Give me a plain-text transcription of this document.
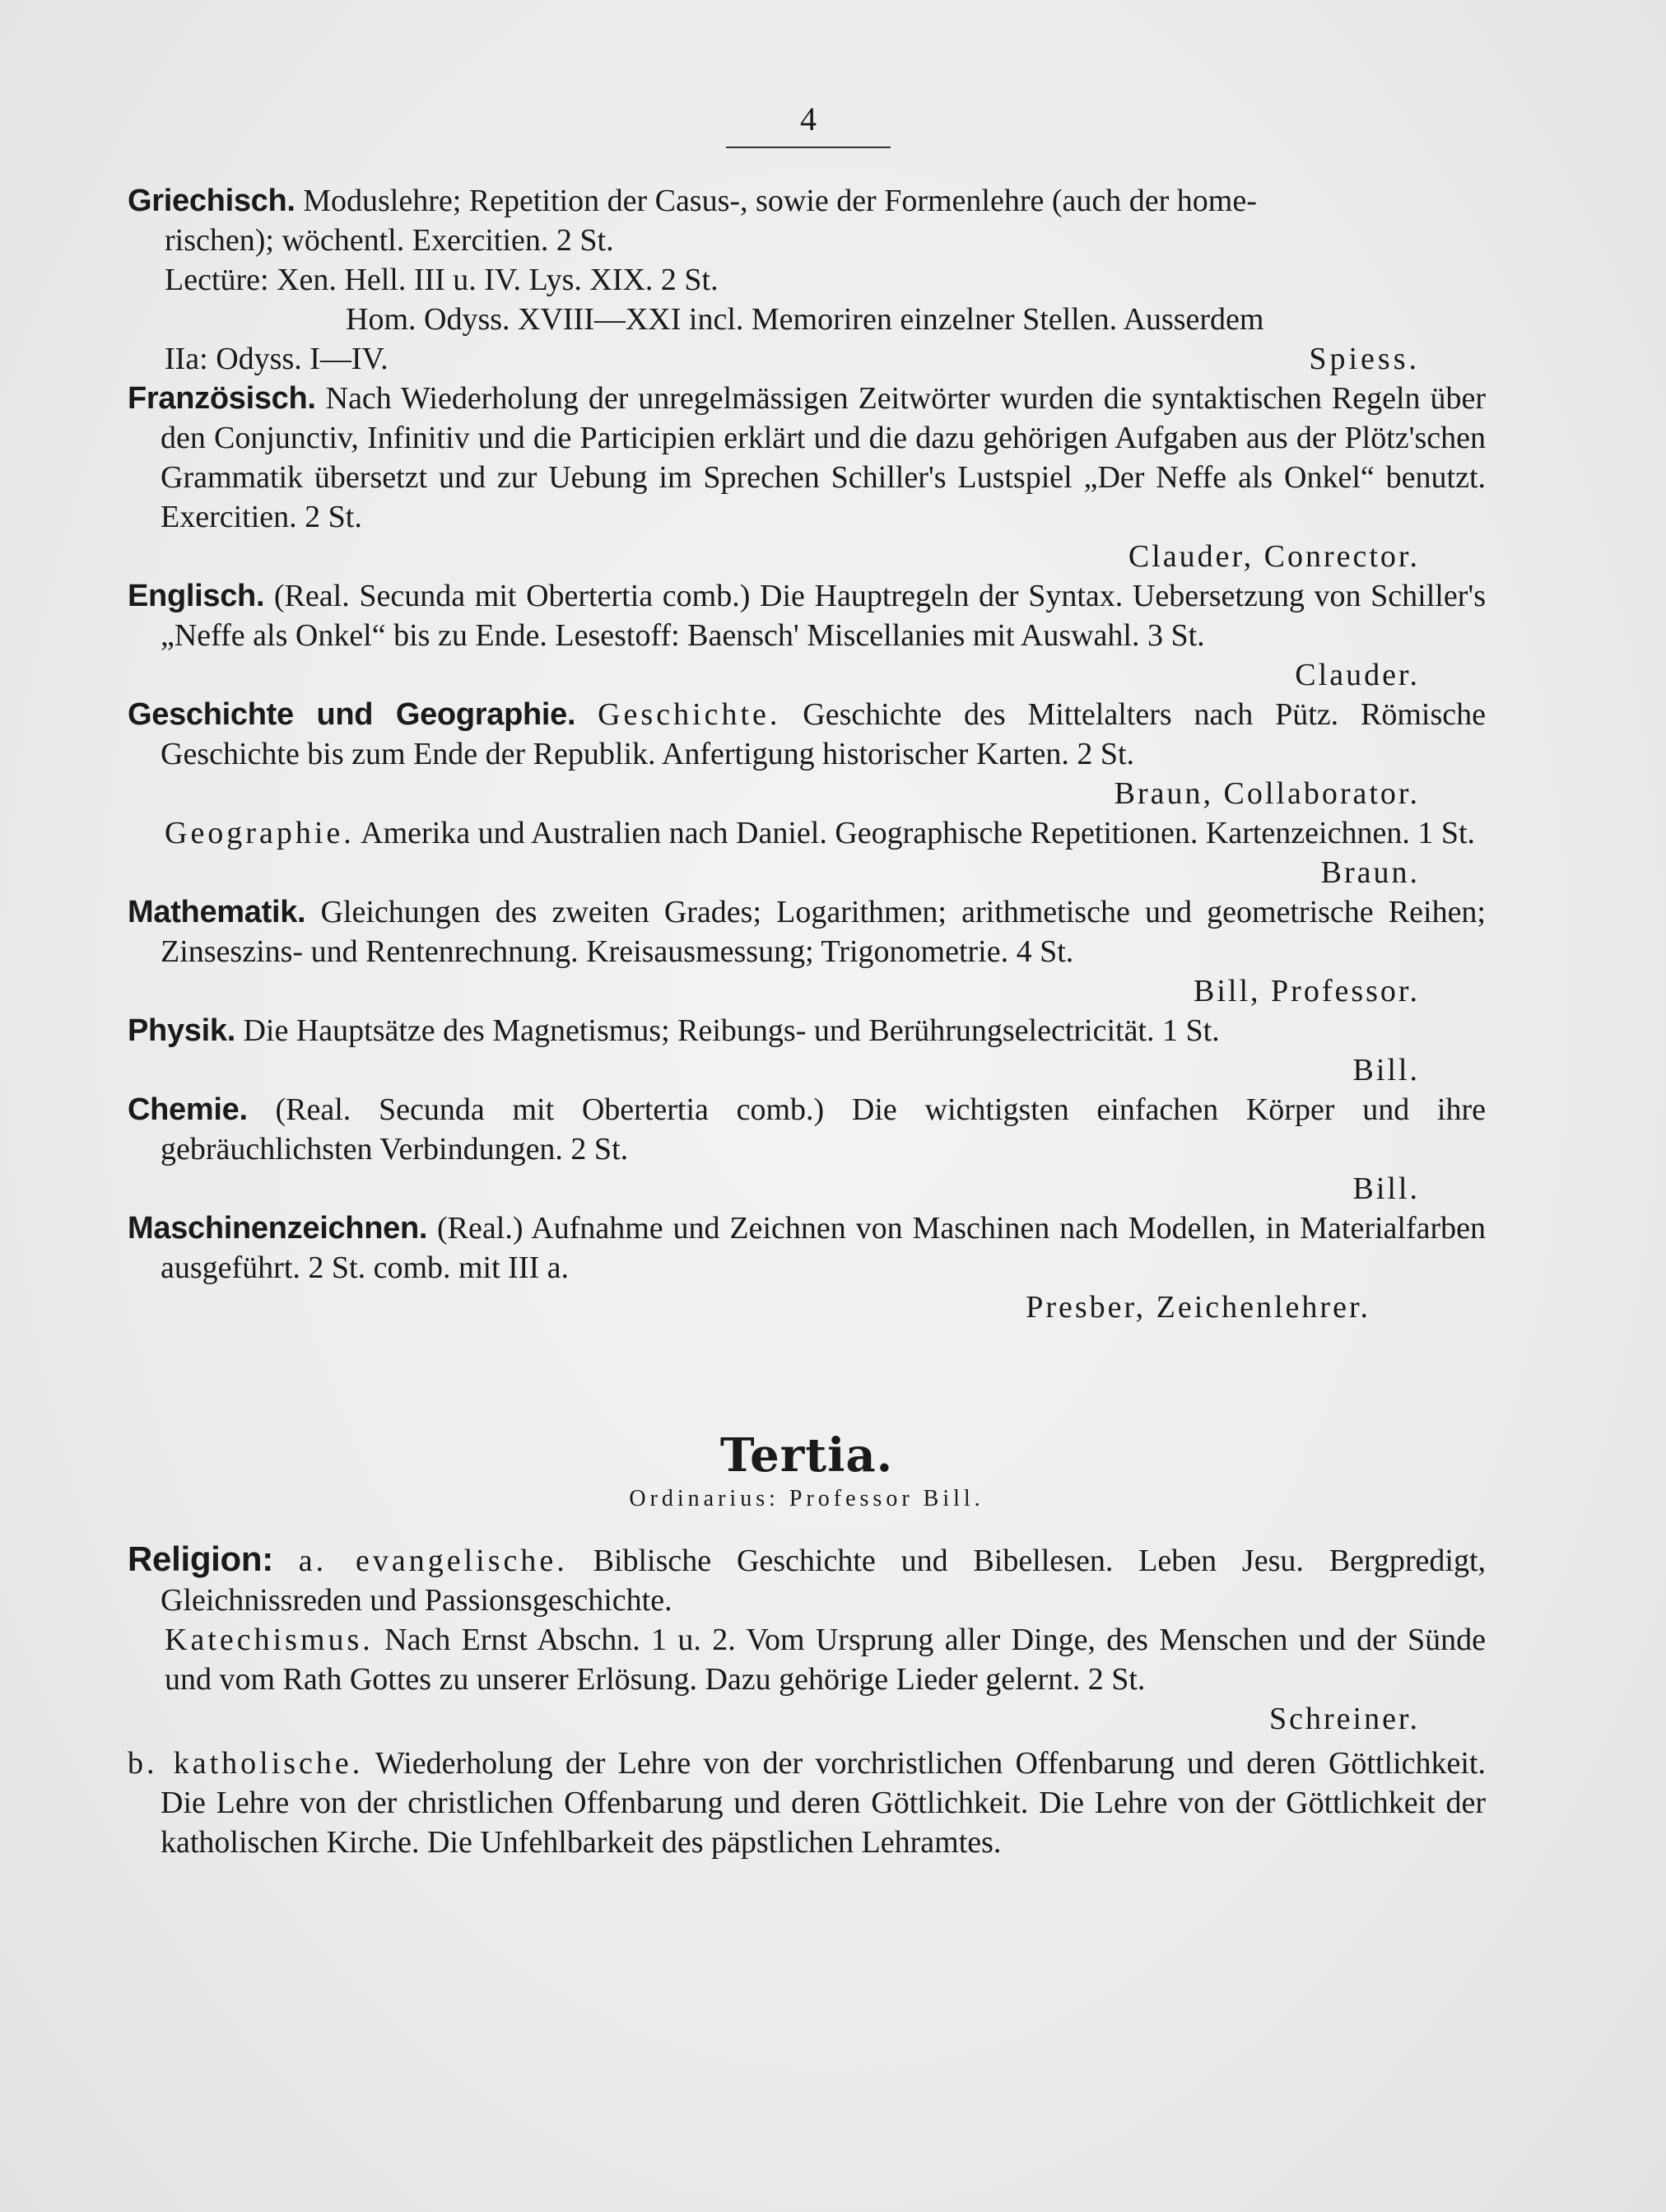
4

Griechisch. Moduslehre; Repetition der Casus-, sowie der Formenlehre (auch der home-

rischen); wöchentl. Exercitien. 2 St.

Lectüre: Xen. Hell. III u. IV. Lys. XIX. 2 St.

Hom. Odyss. XVIII—XXI incl. Memoriren einzelner Stellen. Ausserdem

IIa: Odyss. I—IV.	Spiess.

Französisch. Nach Wiederholung der unregelmässigen Zeitwörter wurden die syntaktischen Regeln über den Conjunctiv, Infinitiv und die Participien erklärt und die dazu gehörigen Aufgaben aus der Plötz'schen Grammatik übersetzt und zur Uebung im Sprechen Schiller's Lustspiel „Der Neffe als Onkel“ benutzt. Exercitien. 2 St.

Clauder, Conrector.

Englisch. (Real. Secunda mit Obertertia comb.) Die Hauptregeln der Syntax. Uebersetzung von Schiller's „Neffe als Onkel“ bis zu Ende. Lesestoff: Baensch' Miscellanies mit Auswahl. 3 St.

Clauder.

Geschichte und Geographie. Geschichte. Geschichte des Mittelalters nach Pütz. Römische Geschichte bis zum Ende der Republik. Anfertigung historischer Karten. 2 St.

Braun, Collaborator.

Geographie. Amerika und Australien nach Daniel. Geographische Repetitionen. Kartenzeichnen. 1 St.

Braun.

Mathematik. Gleichungen des zweiten Grades; Logarithmen; arithmetische und geometrische Reihen; Zinseszins- und Rentenrechnung. Kreisausmessung; Trigonometrie. 4 St.

Bill, Professor.

Physik. Die Hauptsätze des Magnetismus; Reibungs- und Berührungselectricität. 1 St.

Bill.

Chemie. (Real. Secunda mit Obertertia comb.) Die wichtigsten einfachen Körper und ihre gebräuchlichsten Verbindungen. 2 St.

Bill.

Maschinenzeichnen. (Real.) Aufnahme und Zeichnen von Maschinen nach Modellen, in Materialfarben ausgeführt. 2 St. comb. mit III a.

Presber, Zeichenlehrer.

Tertia.
Ordinarius: Professor Bill.

Religion: a. evangelische. Biblische Geschichte und Bibellesen. Leben Jesu. Bergpredigt, Gleichnissreden und Passionsgeschichte.

Katechismus. Nach Ernst Abschn. 1 u. 2. Vom Ursprung aller Dinge, des Menschen und der Sünde und vom Rath Gottes zu unserer Erlösung. Dazu gehörige Lieder gelernt. 2 St.

Schreiner.

b. katholische. Wiederholung der Lehre von der vorchristlichen Offenbarung und deren Göttlichkeit. Die Lehre von der christlichen Offenbarung und deren Göttlichkeit. Die Lehre von der Göttlichkeit der katholischen Kirche. Die Unfehlbarkeit des päpstlichen Lehramtes.
